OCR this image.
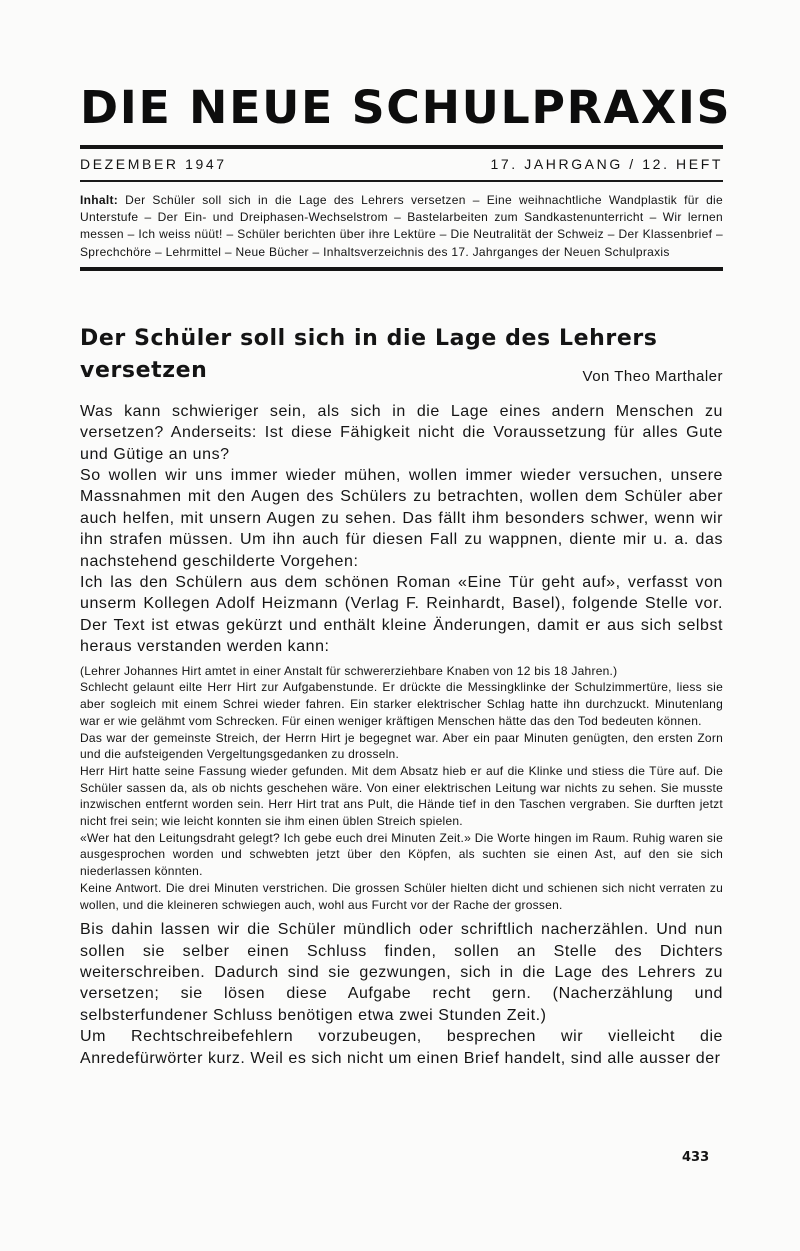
DIE NEUE SCHULPRAXIS
DEZEMBER 1947	17. JAHRGANG / 12. HEFT
Inhalt: Der Schüler soll sich in die Lage des Lehrers versetzen – Eine weihnachtliche Wandplastik für die Unterstufe – Der Ein- und Dreiphasen-Wechselstrom – Bastelarbeiten zum Sandkastenunterricht – Wir lernen messen – Ich weiss nüüt! – Schüler berichten über ihre Lektüre – Die Neutralität der Schweiz – Der Klassenbrief – Sprechchöre – Lehrmittel – Neue Bücher – Inhaltsverzeichnis des 17. Jahrganges der Neuen Schulpraxis
Der Schüler soll sich in die Lage des Lehrers versetzen	Von Theo Marthaler

Was kann schwieriger sein, als sich in die Lage eines andern Menschen zu versetzen? Anderseits: Ist diese Fähigkeit nicht die Voraussetzung für alles Gute und Gütige an uns?

So wollen wir uns immer wieder mühen, wollen immer wieder versuchen, unsere Massnahmen mit den Augen des Schülers zu betrachten, wollen dem Schüler aber auch helfen, mit unsern Augen zu sehen. Das fällt ihm besonders schwer, wenn wir ihn strafen müssen. Um ihn auch für diesen Fall zu wappnen, diente mir u. a. das nachstehend geschilderte Vorgehen:

Ich las den Schülern aus dem schönen Roman «Eine Tür geht auf», verfasst von unserm Kollegen Adolf Heizmann (Verlag F. Reinhardt, Basel), folgende Stelle vor. Der Text ist etwas gekürzt und enthält kleine Änderungen, damit er aus sich selbst heraus verstanden werden kann:

(Lehrer Johannes Hirt amtet in einer Anstalt für schwererziehbare Knaben von 12 bis 18 Jahren.)

Schlecht gelaunt eilte Herr Hirt zur Aufgabenstunde. Er drückte die Messingklinke der Schulzimmertüre, liess sie aber sogleich mit einem Schrei wieder fahren. Ein starker elektrischer Schlag hatte ihn durchzuckt. Minutenlang war er wie gelähmt vom Schrecken. Für einen weniger kräftigen Menschen hätte das den Tod bedeuten können.

Das war der gemeinste Streich, der Herrn Hirt je begegnet war. Aber ein paar Minuten genügten, den ersten Zorn und die aufsteigenden Vergeltungsgedanken zu drosseln.

Herr Hirt hatte seine Fassung wieder gefunden. Mit dem Absatz hieb er auf die Klinke und stiess die Türe auf. Die Schüler sassen da, als ob nichts geschehen wäre. Von einer elektrischen Leitung war nichts zu sehen. Sie musste inzwischen entfernt worden sein. Herr Hirt trat ans Pult, die Hände tief in den Taschen vergraben. Sie durften jetzt nicht frei sein; wie leicht konnten sie ihm einen üblen Streich spielen.

«Wer hat den Leitungsdraht gelegt? Ich gebe euch drei Minuten Zeit.» Die Worte hingen im Raum. Ruhig waren sie ausgesprochen worden und schwebten jetzt über den Köpfen, als suchten sie einen Ast, auf den sie sich niederlassen könnten.

Keine Antwort. Die drei Minuten verstrichen. Die grossen Schüler hielten dicht und schienen sich nicht verraten zu wollen, und die kleineren schwiegen auch, wohl aus Furcht vor der Rache der grossen.

Bis dahin lassen wir die Schüler mündlich oder schriftlich nacherzählen. Und nun sollen sie selber einen Schluss finden, sollen an Stelle des Dichters weiterschreiben. Dadurch sind sie gezwungen, sich in die Lage des Lehrers zu versetzen; sie lösen diese Aufgabe recht gern. (Nacherzählung und selbsterfundener Schluss benötigen etwa zwei Stunden Zeit.)

Um Rechtschreibefehlern vorzubeugen, besprechen wir vielleicht die Anredefürwörter kurz. Weil es sich nicht um einen Brief handelt, sind alle ausser der

433
